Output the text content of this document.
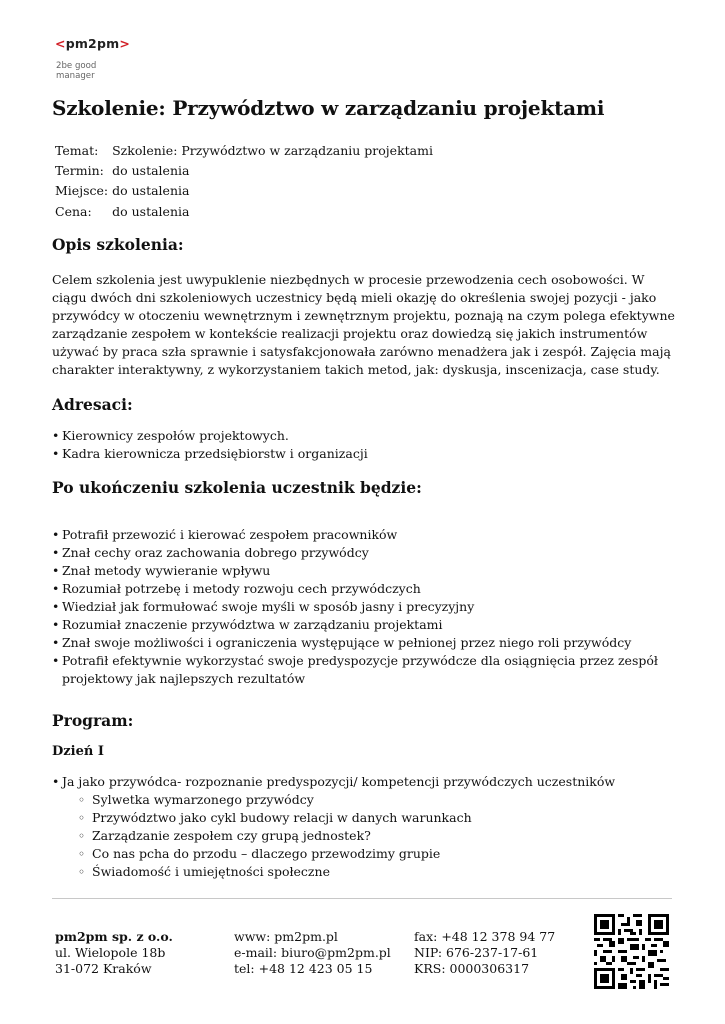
<pm2pm>
2be good
manager
Szkolenie: Przywództwo w zarządzaniu projektami
Temat:	Szkolenie: Przywództwo w zarządzaniu projektami
Termin:	do ustalenia
Miejsce:	do ustalenia
Cena:	do ustalenia
Opis szkolenia:

Celem szkolenia jest uwypuklenie niezbędnych w procesie przewodzenia cech osobowości. W ciągu dwóch dni szkoleniowych uczestnicy będą mieli okazję do określenia swojej pozycji - jako przywódcy w otoczeniu wewnętrznym i zewnętrznym projektu, poznają na czym polega efektywne zarządzanie zespołem w kontekście realizacji projektu oraz dowiedzą się jakich instrumentów używać by praca szła sprawnie i satysfakcjonowała zarówno menadżera jak i zespół. Zajęcia mają charakter interaktywny, z wykorzystaniem takich metod, jak: dyskusja, inscenizacja, case study.

Adresaci:
• Kierownicy zespołów projektowych.
• Kadra kierownicza przedsiębiorstw i organizacji
Po ukończeniu szkolenia uczestnik będzie:
• Potrafił przewozić i kierować zespołem pracowników
• Znał cechy oraz zachowania dobrego przywódcy
• Znał metody wywieranie wpływu
• Rozumiał potrzebę i metody rozwoju cech przywódczych
• Wiedział jak formułować swoje myśli w sposób jasny i precyzyjny
• Rozumiał znaczenie przywództwa w zarządzaniu projektami
• Znał swoje możliwości i ograniczenia występujące w pełnionej przez niego roli przywódcy
• Potrafił efektywnie wykorzystać swoje predyspozycje przywódcze dla osiągnięcia przez zespół projektowy jak najlepszych rezultatów
Program:
Dzień I
• Ja jako przywódca- rozpoznanie predyspozycji/ kompetencji przywódczych uczestników
◦ Sylwetka wymarzonego przywódcy
◦ Przywództwo jako cykl budowy relacji w danych warunkach
◦ Zarządzanie zespołem czy grupą jednostek?
◦ Co nas pcha do przodu – dlaczego przewodzimy grupie
◦ Świadomość i umiejętności społeczne
pm2pm sp. z o.o.
ul. Wielopole 18b
31-072 Kraków
www: pm2pm.pl
e-mail: biuro@pm2pm.pl
tel: +48 12 423 05 15
fax: +48 12 378 94 77
NIP: 676-237-17-61
KRS: 0000306317
